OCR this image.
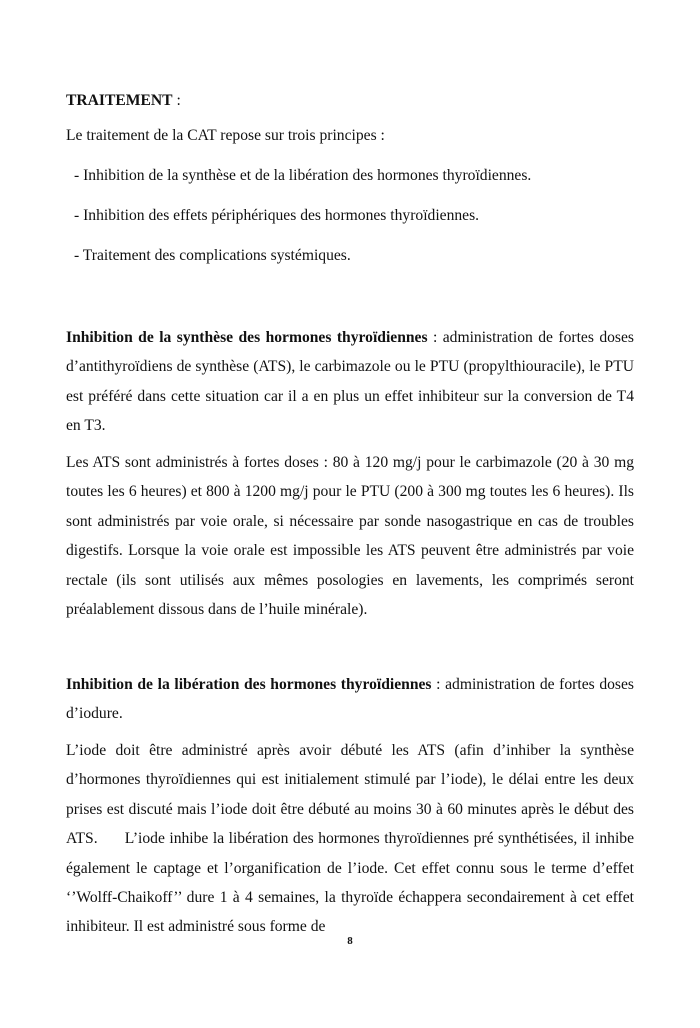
TRAITEMENT :
Le traitement de la CAT repose sur trois principes :
- Inhibition de la synthèse et de la libération des hormones thyroïdiennes.
- Inhibition des effets périphériques des hormones thyroïdiennes.
- Traitement des complications systémiques.
Inhibition de la synthèse des hormones thyroïdiennes : administration de fortes doses d’antithyroïdiens de synthèse (ATS), le carbimazole ou le PTU (propylthiouracile), le PTU est préféré dans cette situation car il a en plus un effet inhibiteur sur la conversion de T4 en T3.
Les ATS sont administrés à fortes doses : 80 à 120 mg/j pour le carbimazole (20 à 30 mg toutes les 6 heures) et 800 à 1200 mg/j pour le PTU (200 à 300 mg toutes les 6 heures). Ils sont administrés par voie orale, si nécessaire par sonde nasogastrique en cas de troubles digestifs. Lorsque la voie orale est impossible les ATS peuvent être administrés par voie rectale (ils sont utilisés aux mêmes posologies en lavements, les comprimés seront préalablement dissous dans de l’huile minérale).
Inhibition de la libération des hormones thyroïdiennes : administration de fortes doses d’iodure.
L’iode doit être administré après avoir débuté les ATS (afin d’inhiber la synthèse d’hormones thyroïdiennes qui est initialement stimulé par l’iode), le délai entre les deux prises est discuté mais l’iode doit être débuté au moins 30 à 60 minutes après le début des ATS.      L’iode inhibe la libération des hormones thyroïdiennes pré synthétisées, il inhibe également le captage et l’organification de l’iode. Cet effet connu sous le terme d’effet ‘’Wolff-Chaikoff’’ dure 1 à 4 semaines, la thyroïde échappera secondairement à cet effet inhibiteur. Il est administré sous forme de
8
